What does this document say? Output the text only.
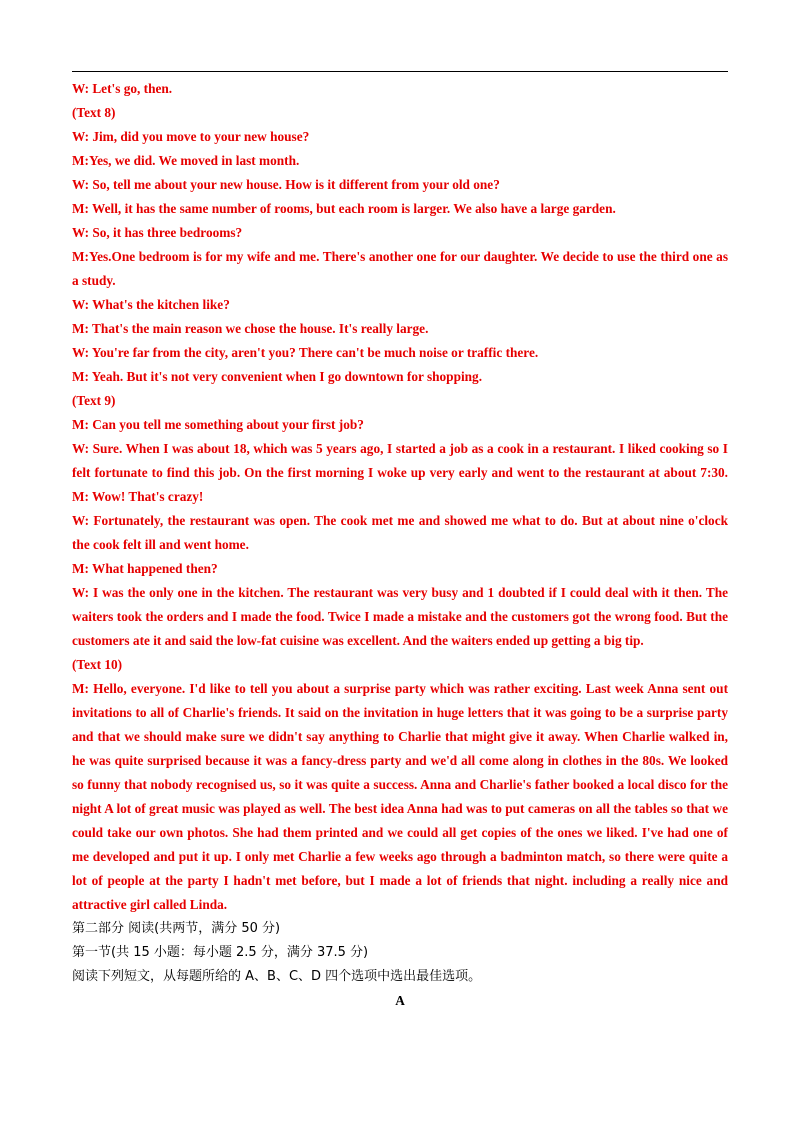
W: Let's go, then.

(Text 8)

W: Jim, did you move to your new house?

M:Yes, we did. We moved in last month.

W: So, tell me about your new house. How is it different from your old one?

M: Well, it has the same number of rooms, but each room is larger. We also have a large garden.

W: So, it has three bedrooms?

M:Yes.One bedroom is for my wife and me. There's another one for our daughter. We decide to use the third one as a study.

W: What's the kitchen like?

M: That's the main reason we chose the house. It's really large.

W: You're far from the city, aren't you? There can't be much noise or traffic there.

M: Yeah. But it's not very convenient when I go downtown for shopping.

(Text 9)

M: Can you tell me something about your first job?

W: Sure. When I was about 18, which was 5 years ago, I started a job as a cook in a restaurant. I liked cooking so I felt fortunate to find this job. On the first morning I woke up very early and went to the restaurant at about 7:30. M: Wow! That's crazy!

W: Fortunately, the restaurant was open. The cook met me and showed me what to do. But at about nine o'clock the cook felt ill and went home.

M: What happened then?

W: I was the only one in the kitchen. The restaurant was very busy and 1 doubted if I could deal with it then. The waiters took the orders and I made the food. Twice I made a mistake and the customers got the wrong food. But the customers ate it and said the low-fat cuisine was excellent. And the waiters ended up getting a big tip.

(Text 10)

M: Hello, everyone. I'd like to tell you about a surprise party which was rather exciting. Last week Anna sent out invitations to all of Charlie's friends. It said on the invitation in huge letters that it was going to be a surprise party and that we should make sure we didn't say anything to Charlie that might give it away. When Charlie walked in, he was quite surprised because it was a fancy-dress party and we'd all come along in clothes in the 80s. We looked so funny that nobody recognised us, so it was quite a success. Anna and Charlie's father booked a local disco for the night A lot of great music was played as well. The best idea Anna had was to put cameras on all the tables so that we could take our own photos. She had them printed and we could all get copies of the ones we liked. I've had one of me developed and put it up. I only met Charlie a few weeks ago through a badminton match, so there were quite a lot of people at the party I hadn't met before, but I made a lot of friends that night. including a really nice and attractive girl called Linda.

第二部分 阅读(共两节，满分 50 分)

第一节(共 15 小题：每小题 2.5 分，满分 37.5 分)

阅读下列短文，从每题所给的 A、B、C、D 四个选项中选出最佳选项。

A
